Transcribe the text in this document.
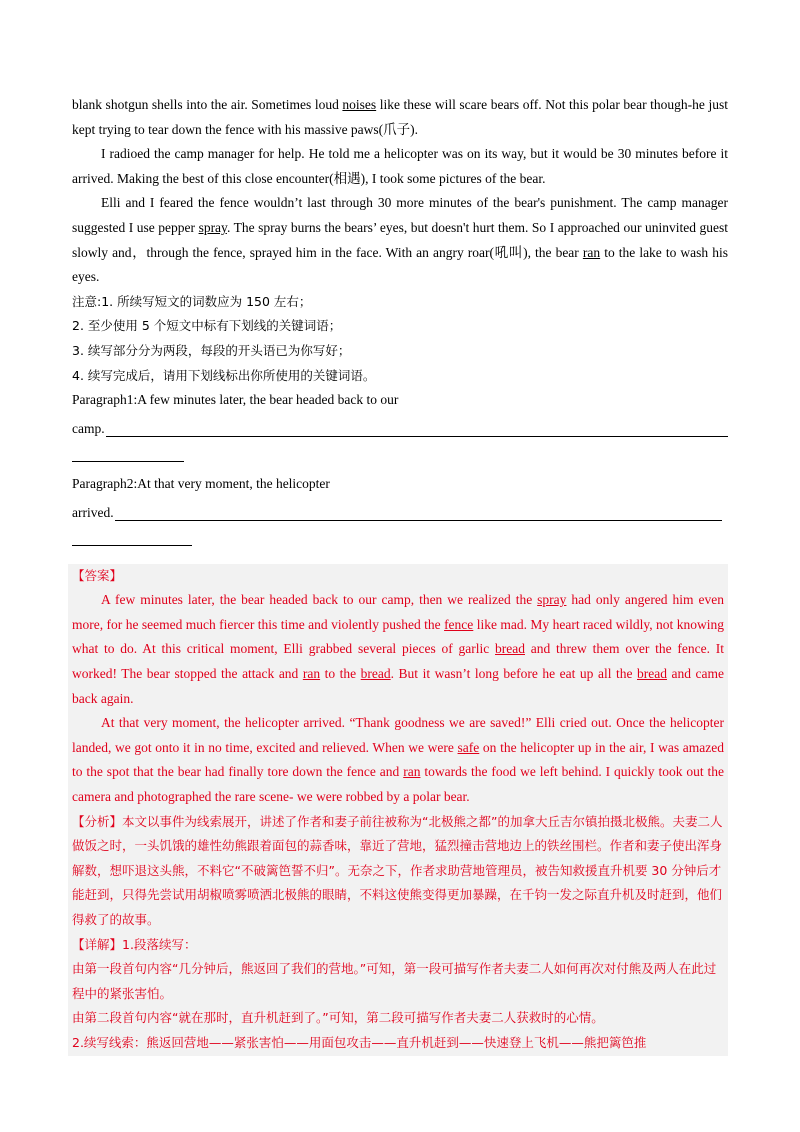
blank shotgun shells into the air. Sometimes loud noises like these will scare bears off. Not this polar bear though-he just kept trying to tear down the fence with his massive paws(爪子).

I radioed the camp manager for help. He told me a helicopter was on its way, but it would be 30 minutes before it arrived. Making the best of this close encounter(相遇), I took some pictures of the bear.

Elli and I feared the fence wouldn’t last through 30 more minutes of the bear's punishment. The camp manager suggested I use pepper spray. The spray burns the bears’ eyes, but doesn't hurt them. So I approached our uninvited guest slowly and，through the fence, sprayed him in the face. With an angry roar(吼叫), the bear ran to the lake to wash his eyes.

注意:1. 所续写短文的词数应为 150 左右；

2. 至少使用 5 个短文中标有下划线的关键词语；

3. 续写部分分为两段，每段的开头语已为你写好；

4. 续写完成后，请用下划线标出你所使用的关键词语。

Paragraph1:A few minutes later, the bear headed back to our

camp.

Paragraph2:At that very moment, the helicopter

arrived.

【答案】

A few minutes later, the bear headed back to our camp, then we realized the spray had only angered him even more, for he seemed much fiercer this time and violently pushed the fence like mad. My heart raced wildly, not knowing what to do. At this critical moment, Elli grabbed several pieces of garlic bread and threw them over the fence. It worked! The bear stopped the attack and ran to the bread. But it wasn’t long before he eat up all the bread and came back again.

At that very moment, the helicopter arrived. “Thank goodness we are saved!” Elli cried out. Once the helicopter landed, we got onto it in no time, excited and relieved. When we were safe on the helicopter up in the air, I was amazed to the spot that the bear had finally tore down the fence and ran towards the food we left behind. I quickly took out the camera and photographed the rare scene- we were robbed by a polar bear.

【分析】本文以事件为线索展开，讲述了作者和妻子前往被称为“北极熊之都”的加拿大丘吉尔镇拍摄北极熊。夫妻二人做饭之时，一头饥饿的雄性幼熊跟着面包的蒜香味，靠近了营地，猛烈撞击营地边上的铁丝围栏。作者和妻子使出浑身解数，想吓退这头熊，不料它“不破篱笆誓不归”。无奈之下，作者求助营地管理员，被告知救援直升机要 30 分钟后才能赶到，只得先尝试用胡椒喷雾喷洒北极熊的眼睛，不料这使熊变得更加暴躁，在千钧一发之际直升机及时赶到，他们得救了的故事。

【详解】1.段落续写：

由第一段首句内容“几分钟后，熊返回了我们的营地。”可知，第一段可描写作者夫妻二人如何再次对付熊及两人在此过程中的紧张害怕。

由第二段首句内容“就在那时，直升机赶到了。”可知，第二段可描写作者夫妻二人获救时的心情。

2.续写线索：熊返回营地——紧张害怕——用面包攻击——直升机赶到——快速登上飞机——熊把篱笆推
